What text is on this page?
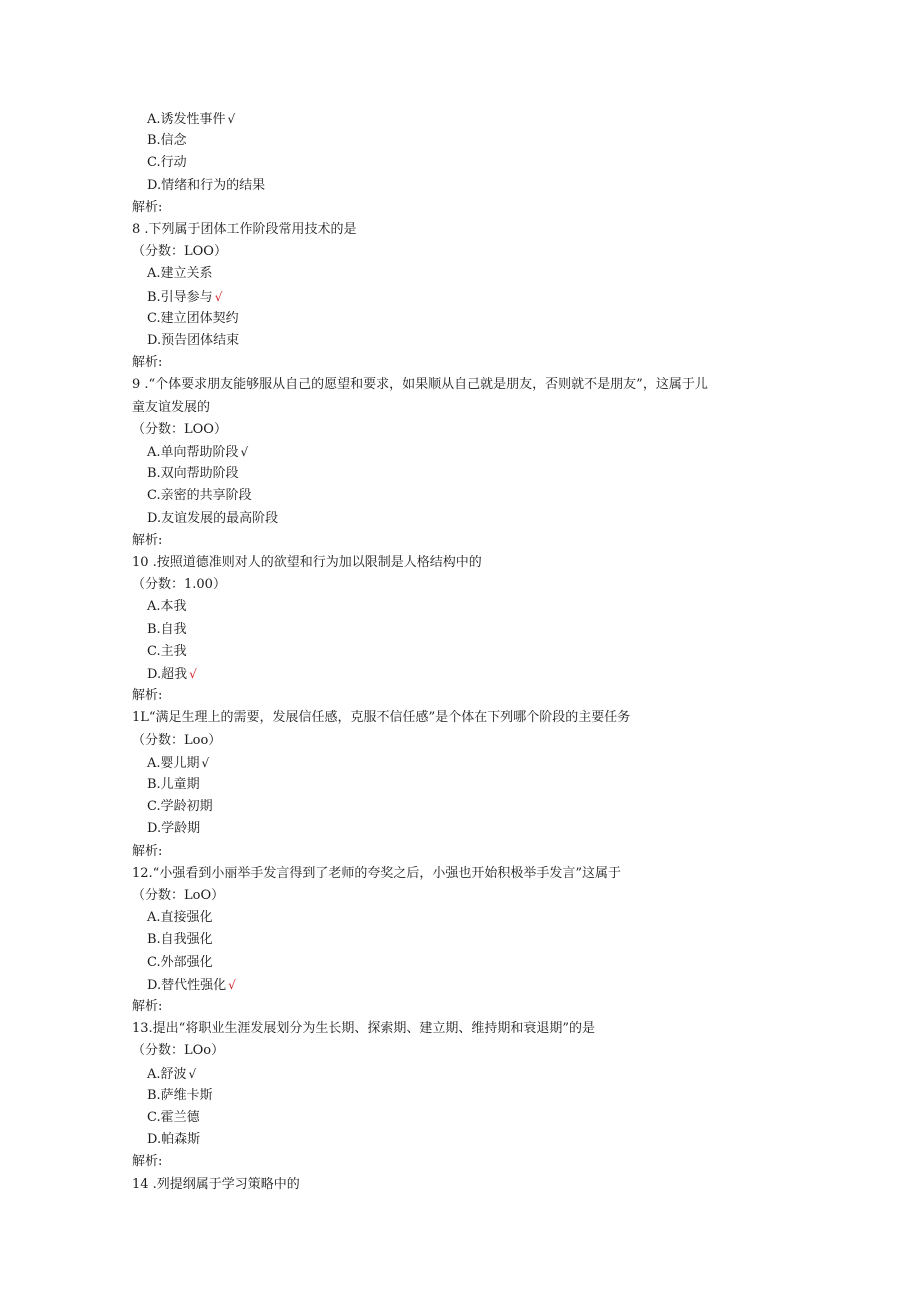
A.诱发性事件 √
B.信念
C.行动
D.情绪和行为的结果
解析:
8 .下列属于团体工作阶段常用技术的是
（分数：LOO）
A.建立关系
B.引导参与 √
C.建立团体契约
D.预告团体结束
解析:
9 .“个体要求朋友能够服从自己的愿望和要求，如果顺从自己就是朋友，否则就不是朋友”，这属于儿
童友谊发展的
（分数：LOO）
A.单向帮助阶段 √
B.双向帮助阶段
C.亲密的共享阶段
D.友谊发展的最高阶段
解析:
10 .按照道德准则对人的欲望和行为加以限制是人格结构中的
（分数：1.00）
A.本我
B.自我
C.主我
D.超我 √
解析:
1L“满足生理上的需要，发展信任感，克服不信任感”是个体在下列哪个阶段的主要任务
（分数：Loo）
A.婴儿期 √
B.儿童期
C.学龄初期
D.学龄期
解析:
12.“小强看到小丽举手发言得到了老师的夸奖之后，小强也开始积极举手发言”这属于
（分数：LoO）
A.直接强化
B.自我强化
C.外部强化
D.替代性强化 √
解析:
13.提出“将职业生涯发展划分为生长期、探索期、建立期、维持期和衰退期”的是
（分数：LOo）
A.舒波 √
B.萨维卡斯
C.霍兰德
D.帕森斯
解析:
14 .列提纲属于学习策略中的
